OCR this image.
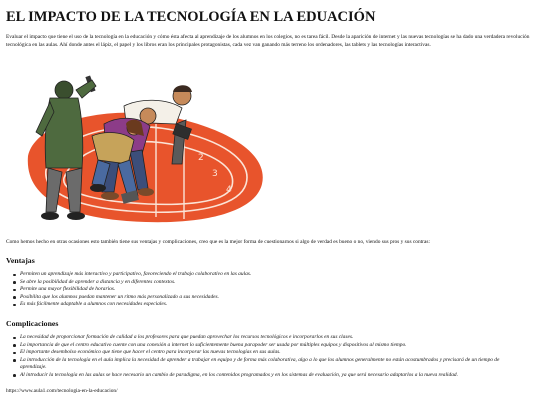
EL IMPACTO DE LA TECNOLOGÍA EN LA EDUACIÓN

Evaluar el impacto que tiene el uso de la tecnología en la educación y cómo ésta afecta al aprendizaje de los alumnos en los colegios, no es tarea fácil. Desde la aparición de internet y las nuevas tecnologías se ha dado una verdadera revolución tecnológica en las aulas. Ahí donde antes el lápiz, el papel y los libros eran los principales protagonistas, cada vez van ganando más terreno los ordenadores, las tablets y las tecnologías interactivas.

2
3
4

Como hemos hecho en otras ocasiones esto también tiene sus ventajas y complicaciones, creo que es la mejor forma de cuestionarnos si algo de verdad es bueno o no, viendo sus pros y sus contras:

Ventajas
Permiten un aprendizaje más interactivo y participativo, favoreciendo el trabajo colaborativo en las aulas.
Se abre la posibilidad de aprender a distancia y en diferentes contextos.
Permite una mayor flexibilidad de horarios.
Posibilita que los alumnos puedan mantener un ritmo más personalizado a sus necesidades.
Es más fácilmente adaptable a alumnos con necesidades especiales.
Complicaciones
La necesidad de proporcionar formación de calidad a los profesores para que puedan aprovechar los recursos tecnológicos e incorporarlos en sus clases.
La importancia de que el centro educativo cuente con una conexión a internet lo suficientemente buena parapoder ser usada por múltiples equipos y dispositivos al mismo tiempo.
El importante desembolso económico que tiene que hacer el centro para incorporar las nuevas tecnologías en sus aulas.
La introducción de la tecnología en el aula implica la necesidad de aprender a trabajar en equipo y de forma más colaborativa, algo a lo que los alumnos generalmente no están acostumbrados y precisará de un tiempo de aprendizaje.
Al introducir la tecnología en las aulas se hace necesario un cambio de paradigma, en los contenidos programados y en los sistemas de evaluación, ya que será necesario adaptarlos a la nueva realidad.

https://www.aula1.com/tecnologia-en-la-educacion/
